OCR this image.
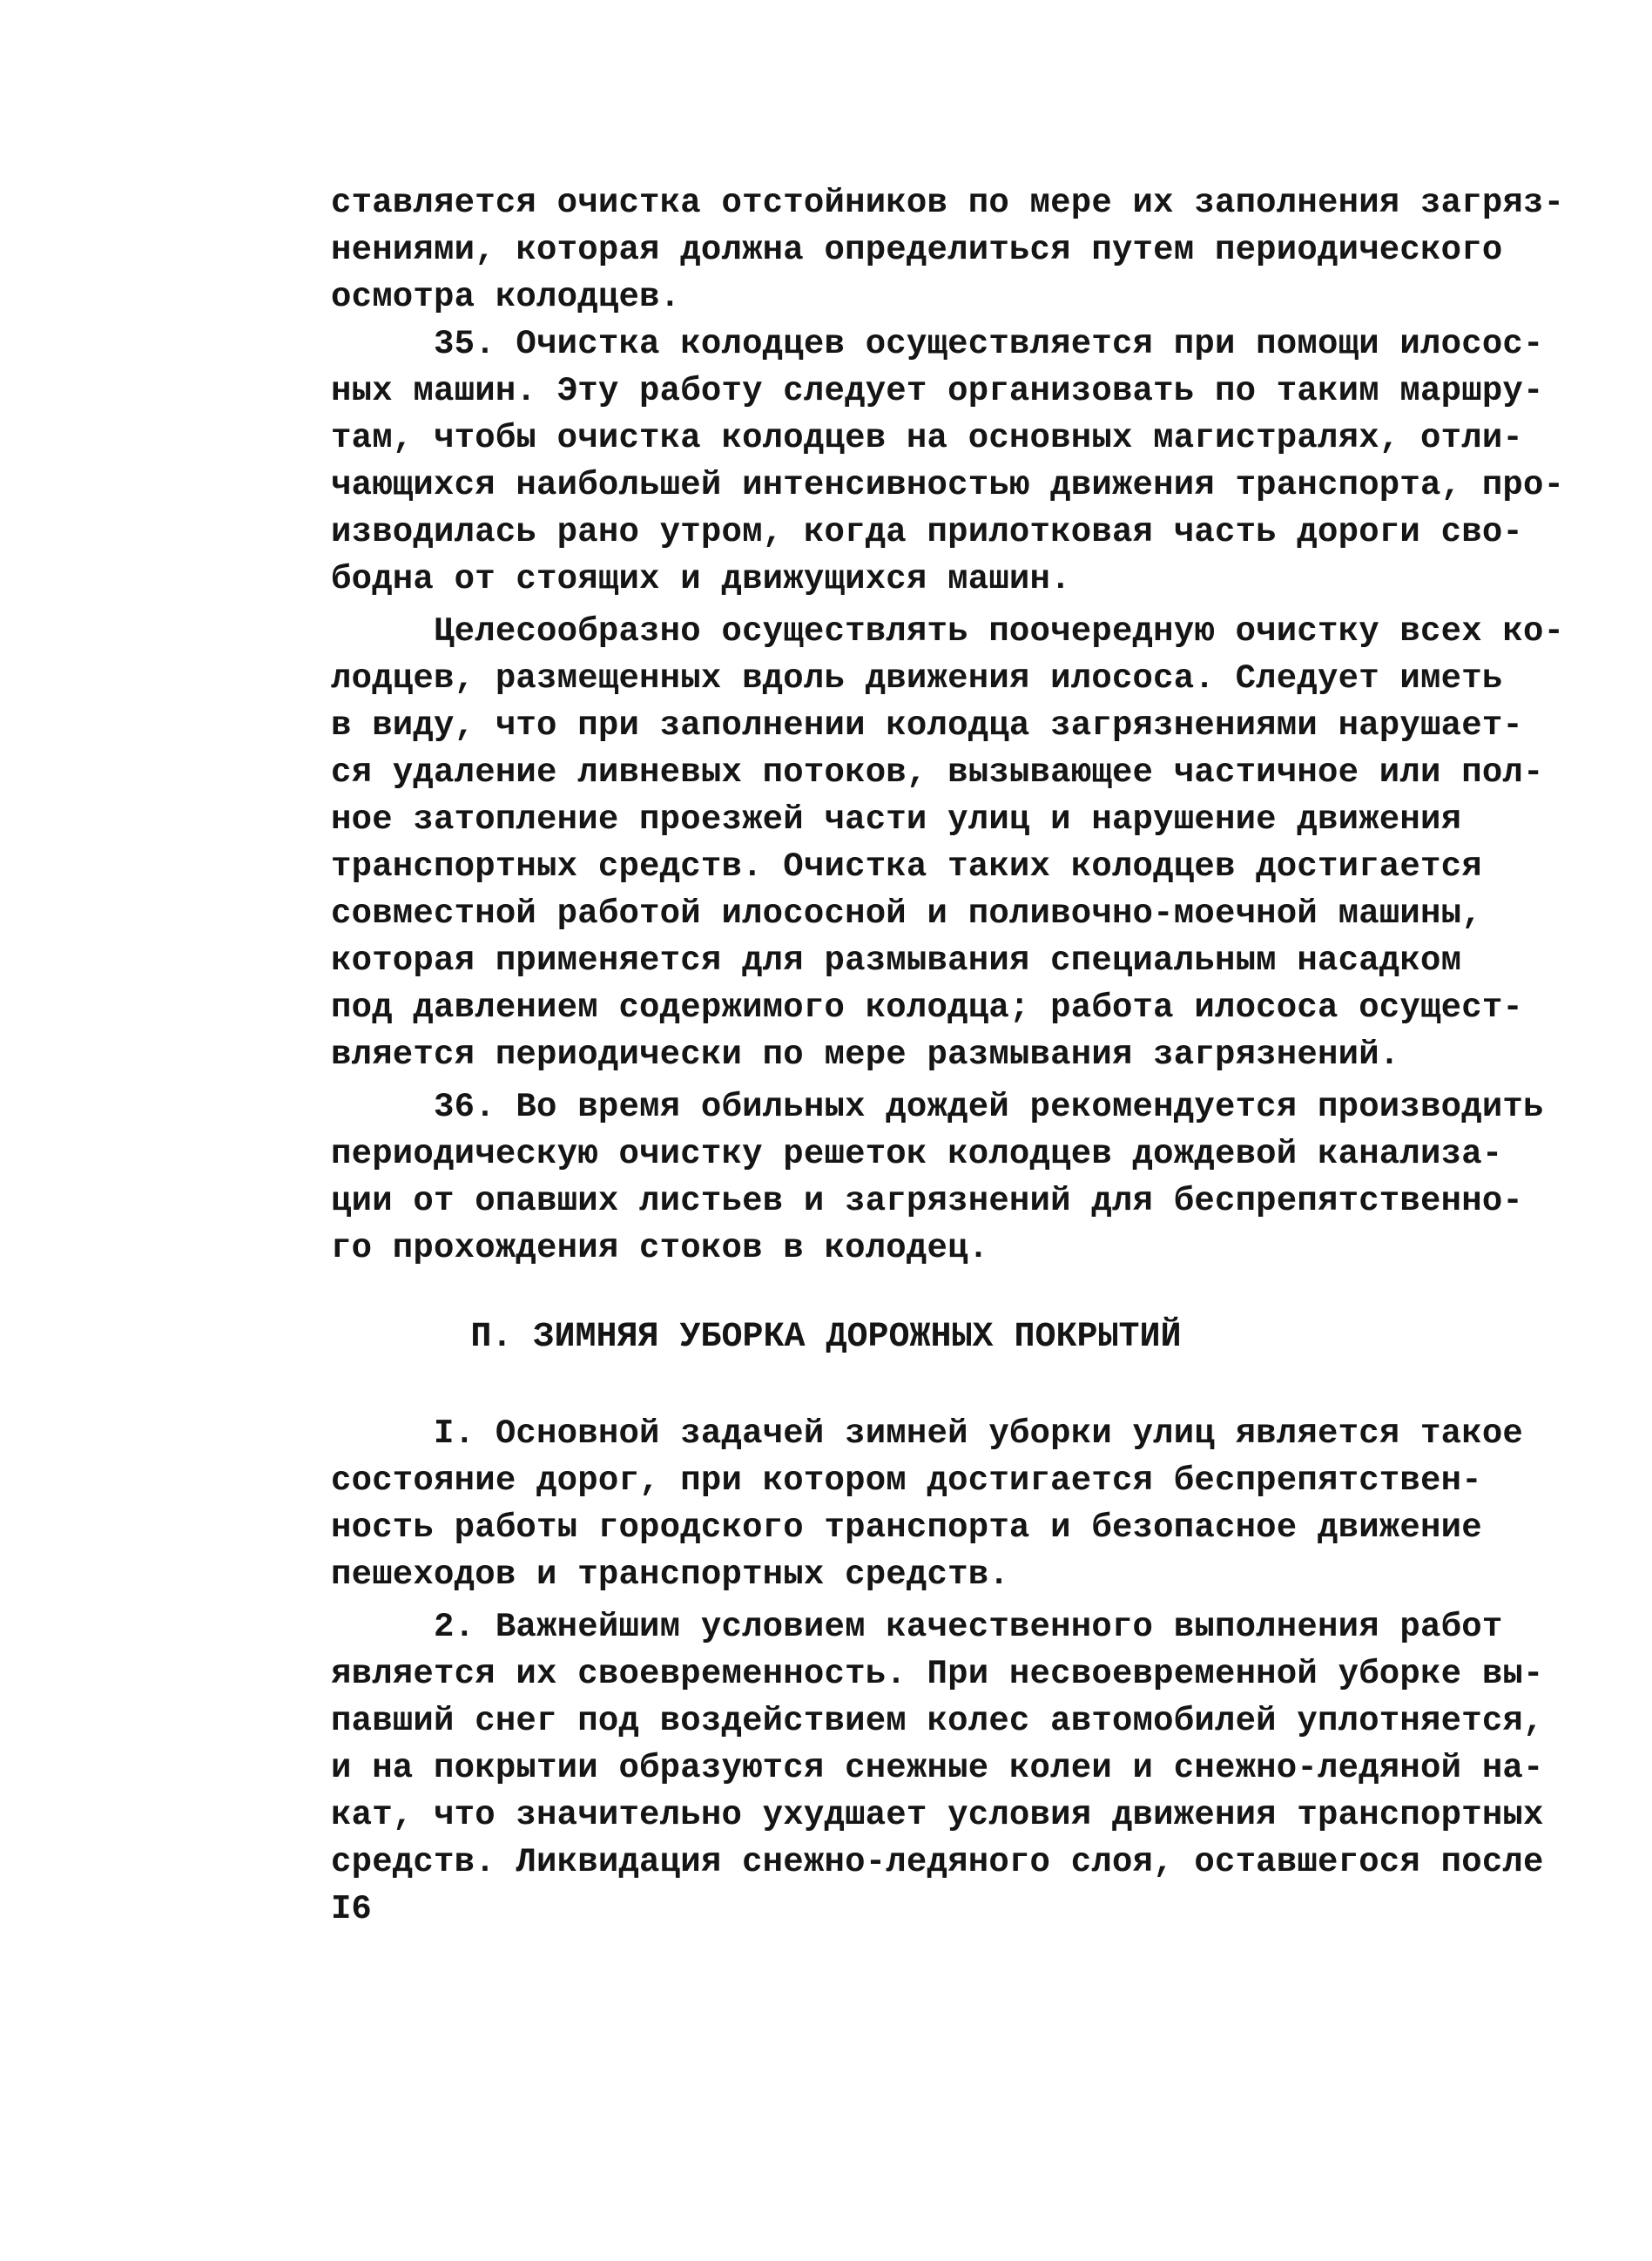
ставляется очистка отстойников по мере их заполнения загряз-
нениями, которая должна определиться путем периодического
осмотра колодцев.
35. Очистка колодцев осуществляется при помощи илосос-
ных машин. Эту работу следует организовать по таким маршру-
там, чтобы очистка колодцев на основных магистралях, отли-
чающихся наибольшей интенсивностью движения транспорта, про-
изводилась рано утром, когда прилотковая часть дороги сво-
бодна от стоящих и движущихся машин.
Целесообразно осуществлять поочередную очистку всех ко-
лодцев, размещенных вдоль движения илососа. Следует иметь
в виду, что при заполнении колодца загрязнениями нарушает-
ся удаление ливневых потоков, вызывающее частичное или пол-
ное затопление проезжей части улиц и нарушение движения
транспортных средств. Очистка таких колодцев достигается
совместной работой илососной и поливочно-моечной машины,
которая применяется для размывания специальным насадком
под давлением содержимого колодца; работа илососа осущест-
вляется периодически по мере размывания загрязнений.
36. Во время обильных дождей рекомендуется производить
периодическую очистку решеток колодцев дождевой канализа-
ции от опавших листьев и загрязнений для беспрепятственно-
го прохождения стоков в колодец.
П. ЗИМНЯЯ УБОРКА ДОРОЖНЫХ ПОКРЫТИЙ
I. Основной задачей зимней уборки улиц является такое
состояние дорог, при котором достигается беспрепятствен-
ность работы городского транспорта и безопасное движение
пешеходов и транспортных средств.
2. Важнейшим условием качественного выполнения работ
является их своевременность. При несвоевременной уборке вы-
павший снег под воздействием колес автомобилей уплотняется,
и на покрытии образуются снежные колеи и снежно-ледяной на-
кат, что значительно ухудшает условия движения транспортных
средств. Ликвидация снежно-ледяного слоя, оставшегося после
I6
